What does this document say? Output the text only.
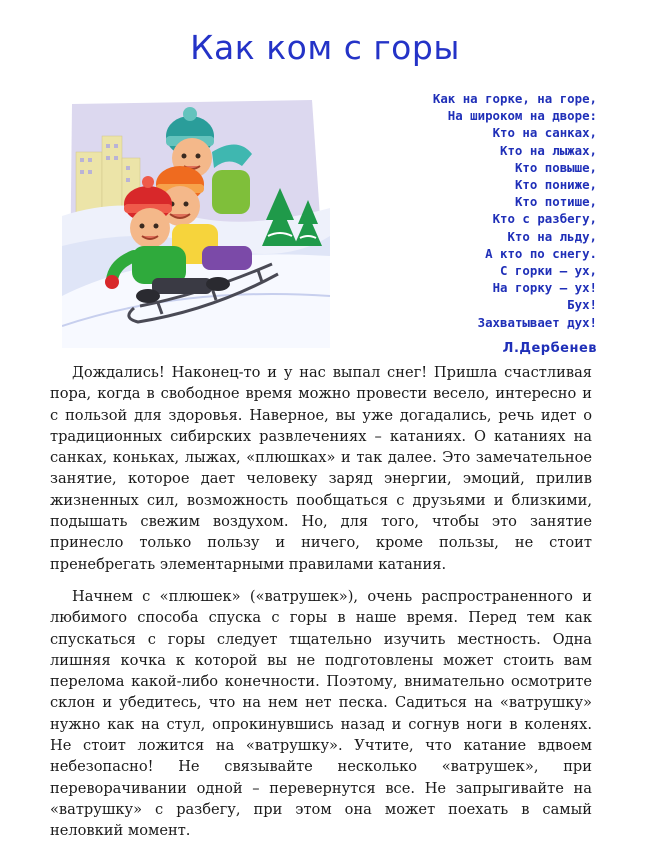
Как ком с горы
Как на горке, на горе,
На широком на дворе:
Кто на санках,
Кто на лыжах,
Кто повыше,
Кто пониже,
Кто потише,
Кто с разбегу,
Кто на льду,
А кто по снегу.
С горки – ух,
На горку – ух!
Бух!
Захватывает дух!
Л.Дербенев

Дождались! Наконец-то и у нас выпал снег! Пришла счастливая пора, когда в свободное время можно провести весело, интересно и с пользой для здоровья. Наверное, вы уже догадались, речь идет о традиционных сибирских развлечениях – катаниях. О катаниях на санках, коньках, лыжах, «плюшках» и так далее. Это замечательное занятие, которое дает человеку заряд энергии, эмоций, прилив жизненных сил, возможность пообщаться с друзьями и близкими, подышать свежим воздухом. Но, для того, чтобы это занятие принесло только пользу и ничего, кроме пользы, не стоит пренебрегать элементарными правилами катания.

Начнем с «плюшек» («ватрушек»), очень распространенного и любимого способа спуска с горы в наше время. Перед тем как спускаться с горы следует тщательно изучить местность. Одна лишняя кочка к которой вы не подготовлены может стоить вам перелома какой-либо конечности. Поэтому, внимательно осмотрите склон и убедитесь, что на нем нет песка. Садиться на «ватрушку» нужно как на стул, опрокинувшись назад и согнув ноги в коленях. Не стоит ложится на «ватрушку». Учтите, что катание вдвоем небезопасно! Не связывайте несколько «ватрушек», при переворачивании одной – перевернутся все. Не запрыгивайте на «ватрушку» с разбегу, при этом она может поехать в самый неловкий момент.
